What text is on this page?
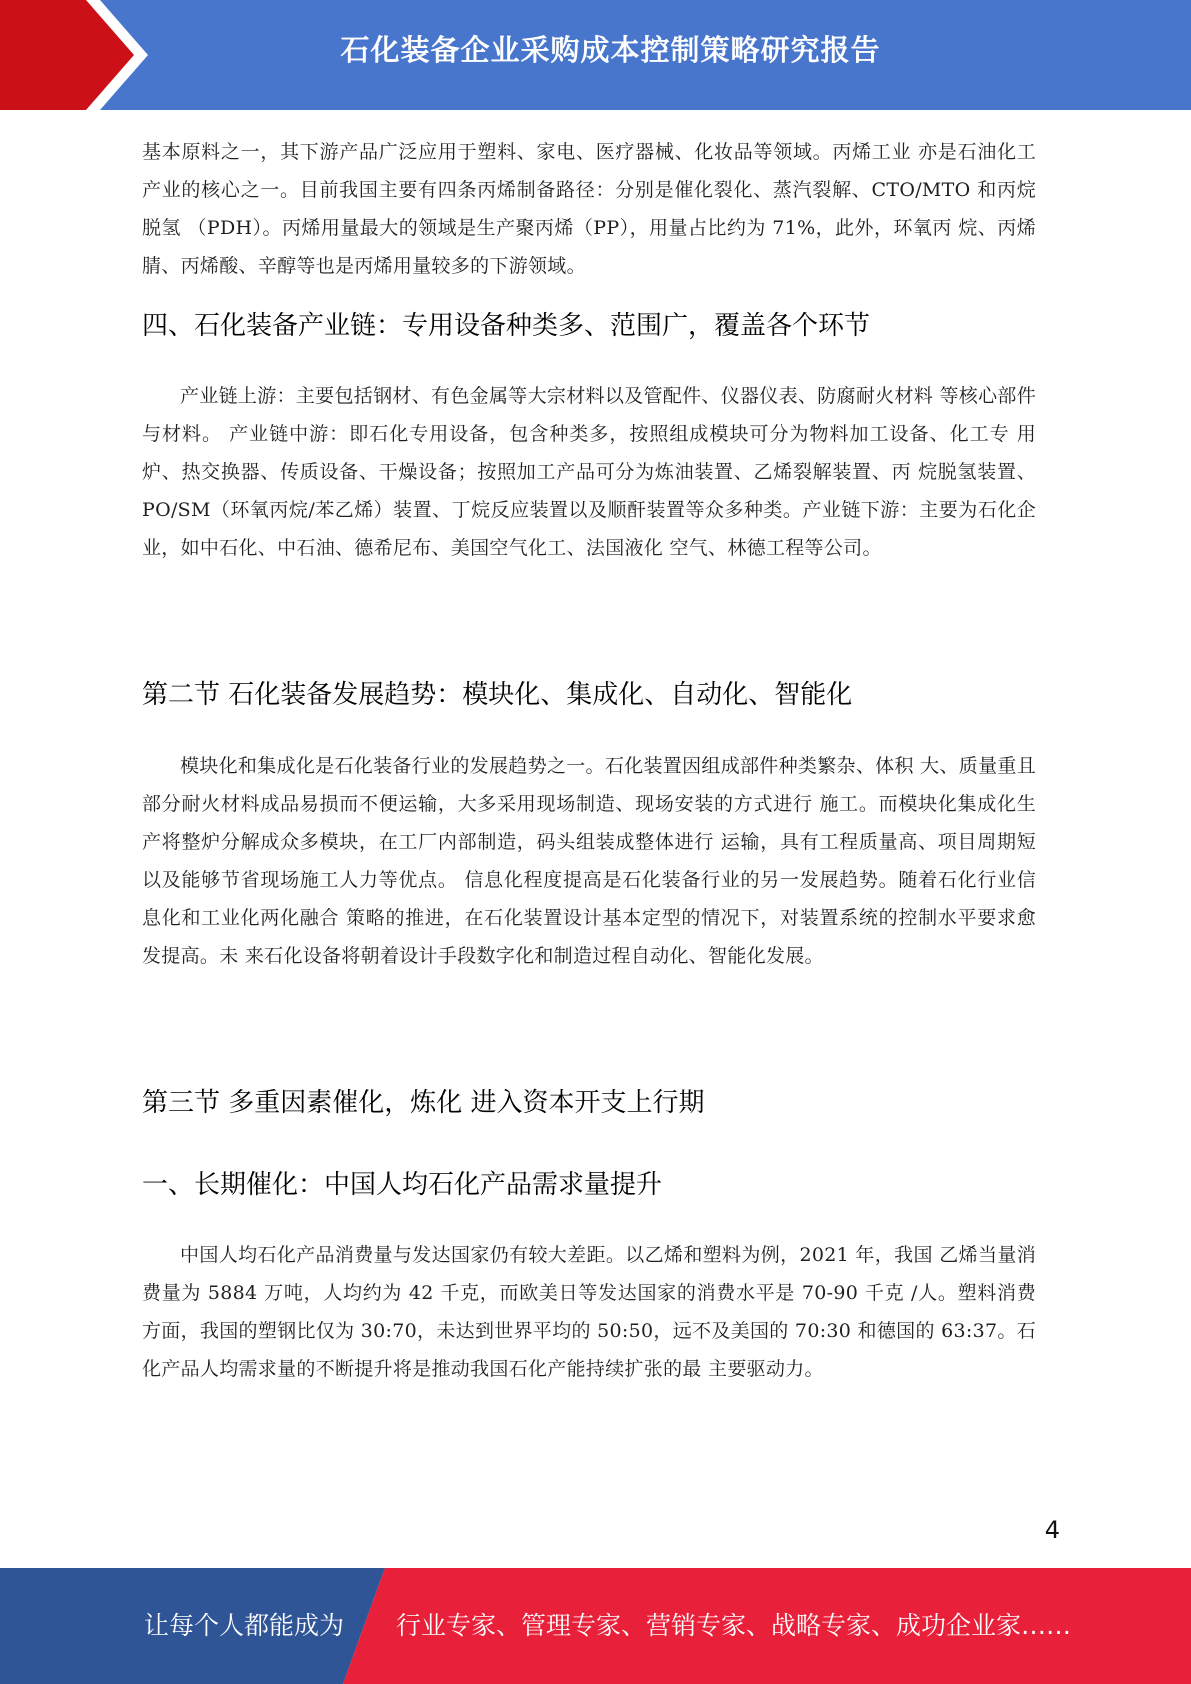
石化装备企业采购成本控制策略研究报告

基本原料之一，其下游产品广泛应用于塑料、家电、医疗器械、化妆品等领域。丙烯工业 亦是石油化工产业的核心之一。目前我国主要有四条丙烯制备路径：分别是催化裂化、蒸汽裂解、CTO/MTO 和丙烷脱氢 （PDH）。丙烯用量最大的领域是生产聚丙烯（PP），用量占比约为 71%，此外，环氧丙 烷、丙烯腈、丙烯酸、辛醇等也是丙烯用量较多的下游领域。

四、石化装备产业链：专用设备种类多、范围广，覆盖各个环节

产业链上游：主要包括钢材、有色金属等大宗材料以及管配件、仪器仪表、防腐耐火材料 等核心部件与材料。 产业链中游：即石化专用设备，包含种类多，按照组成模块可分为物料加工设备、化工专 用炉、热交换器、传质设备、干燥设备；按照加工产品可分为炼油装置、乙烯裂解装置、丙 烷脱氢装置、PO/SM（环氧丙烷/苯乙烯）装置、丁烷反应装置以及顺酐装置等众多种类。产业链下游：主要为石化企业，如中石化、中石油、德希尼布、美国空气化工、法国液化 空气、林德工程等公司。

第二节 石化装备发展趋势：模块化、集成化、自动化、智能化

模块化和集成化是石化装备行业的发展趋势之一。石化装置因组成部件种类繁杂、体积 大、质量重且部分耐火材料成品易损而不便运输，大多采用现场制造、现场安装的方式进行 施工。而模块化集成化生产将整炉分解成众多模块，在工厂内部制造，码头组装成整体进行 运输，具有工程质量高、项目周期短以及能够节省现场施工人力等优点。 信息化程度提高是石化装备行业的另一发展趋势。随着石化行业信息化和工业化两化融合 策略的推进，在石化装置设计基本定型的情况下，对装置系统的控制水平要求愈发提高。未 来石化设备将朝着设计手段数字化和制造过程自动化、智能化发展。

第三节 多重因素催化，炼化 进入资本开支上行期
一、长期催化：中国人均石化产品需求量提升

中国人均石化产品消费量与发达国家仍有较大差距。以乙烯和塑料为例，2021 年，我国 乙烯当量消费量为 5884 万吨，人均约为 42 千克，而欧美日等发达国家的消费水平是 70-90 千克 /人。塑料消费方面，我国的塑钢比仅为 30:70，未达到世界平均的 50:50，远不及美国的 70:30 和德国的 63:37。石化产品人均需求量的不断提升将是推动我国石化产能持续扩张的最 主要驱动力。

4
让每个人都能成为 行业专家、管理专家、营销专家、战略专家、成功企业家……
